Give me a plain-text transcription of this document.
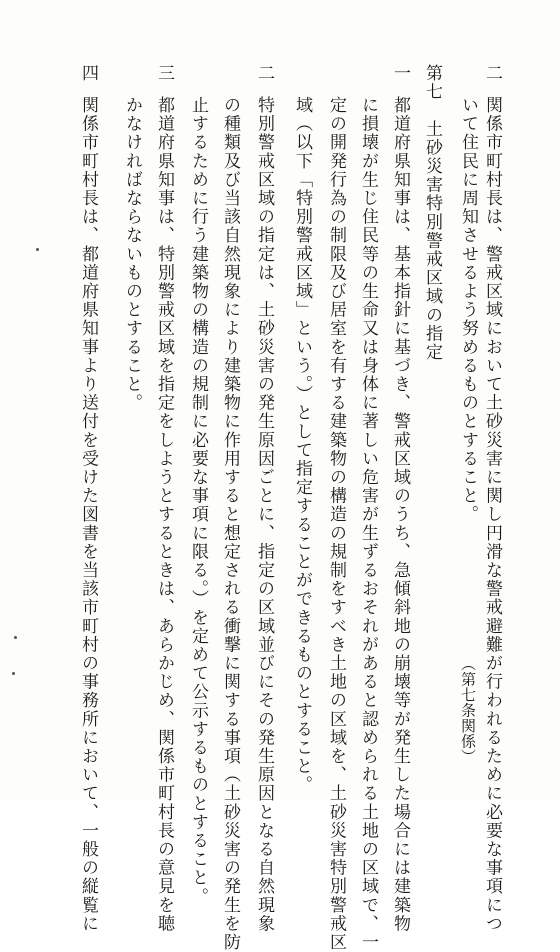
二
関係市町村長は、警戒区域において土砂災害に関し円滑な警戒避難が行われるために必要な事項につ
いて住民に周知させるよう努めるものとすること。
（第七条関係）
第七　土砂災害特別警戒区域の指定
一
都道府県知事は、基本指針に基づき、警戒区域のうち、急傾斜地の崩壊等が発生した場合には建築物
に損壊が生じ住民等の生命又は身体に著しい危害が生ずるおそれがあると認められる土地の区域で、一
定の開発行為の制限及び居室を有する建築物の構造の規制をすべき土地の区域を、土砂災害特別警戒区
域（以下「特別警戒区域」という。）として指定することができるものとすること。
二
特別警戒区域の指定は、土砂災害の発生原因ごとに、指定の区域並びにその発生原因となる自然現象
の種類及び当該自然現象により建築物に作用すると想定される衝撃に関する事項（土砂災害の発生を防
止するために行う建築物の構造の規制に必要な事項に限る。）を定めて公示するものとすること。
三
都道府県知事は、特別警戒区域を指定をしようとするときは、あらかじめ、関係市町村長の意見を聴
かなければならないものとすること。
四
関係市町村長は、都道府県知事より送付を受けた図書を当該市町村の事務所において、一般の縦覧に
